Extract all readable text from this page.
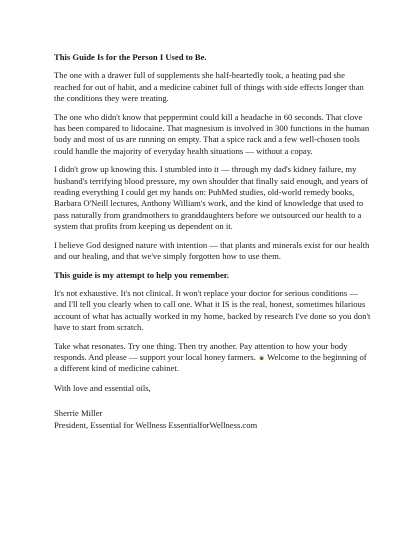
This Guide Is for the Person I Used to Be.

The one with a drawer full of supplements she half-heartedly took, a heating pad she reached for out of habit, and a medicine cabinet full of things with side effects longer than the conditions they were treating.

The one who didn't know that peppermint could kill a headache in 60 seconds. That clove has been compared to lidocaine. That magnesium is involved in 300 functions in the human body and most of us are running on empty. That a spice rack and a few well-chosen tools could handle the majority of everyday health situations — without a copay.

I didn't grow up knowing this. I stumbled into it — through my dad's kidney failure, my husband's terrifying blood pressure, my own shoulder that finally said enough, and years of reading everything I could get my hands on: PubMed studies, old-world remedy books, Barbara O'Neill lectures, Anthony William's work, and the kind of knowledge that used to pass naturally from grandmothers to granddaughters before we outsourced our health to a system that profits from keeping us dependent on it.

I believe God designed nature with intention — that plants and minerals exist for our health and our healing, and that we've simply forgotten how to use them.

This guide is my attempt to help you remember.

It's not exhaustive. It's not clinical. It won't replace your doctor for serious conditions — and I'll tell you clearly when to call one. What it IS is the real, honest, sometimes hilarious account of what has actually worked in my home, backed by research I've done so you don't have to start from scratch.

Take what resonates. Try one thing. Then try another. Pay attention to how your body responds. And please — support your local honey farmers. Welcome to the beginning of a different kind of medicine cabinet.

With love and essential oils,

Sherrie Miller
President, Essential for Wellness EssentialforWellness.com
